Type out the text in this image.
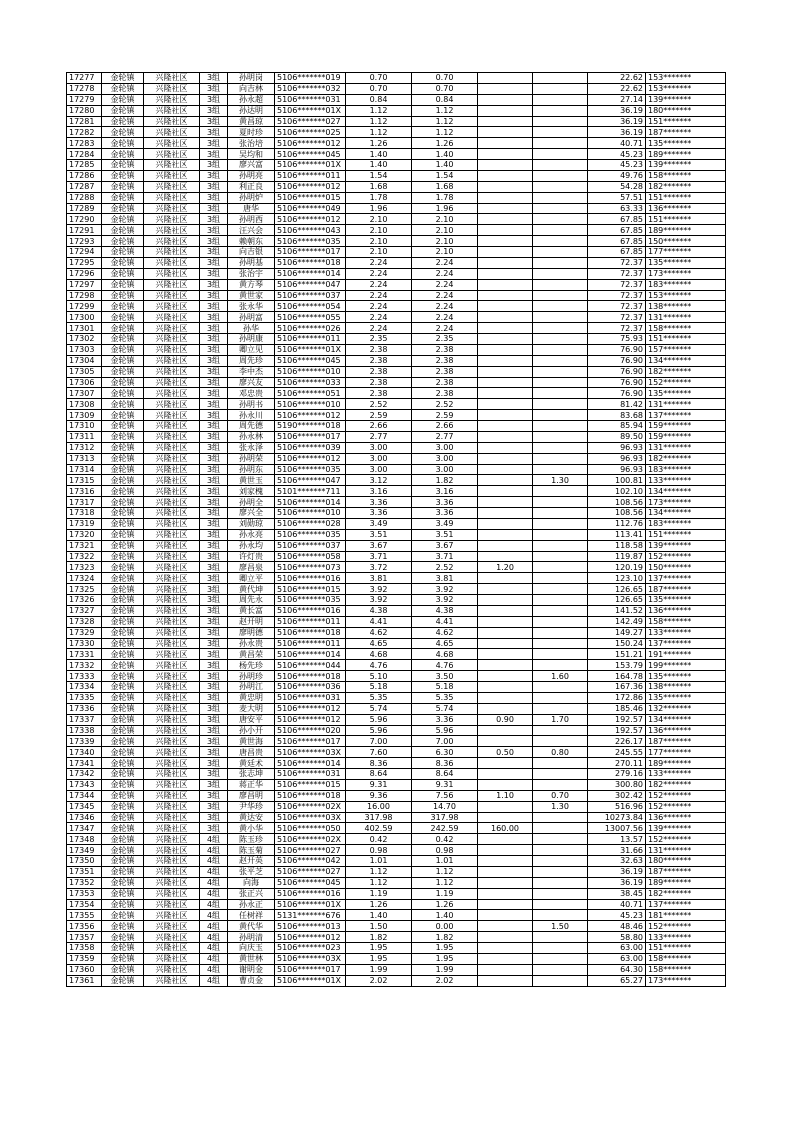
17277	金轮镇	兴隆社区	3组	孙明岗	5106*******019	0.70	0.70			22.62	153*******
17278	金轮镇	兴隆社区	3组	向吉林	5106*******032	0.70	0.70			22.62	153*******
17279	金轮镇	兴隆社区	3组	孙永超	5106*******031	0.84	0.84			27.14	139*******
17280	金轮镇	兴隆社区	3组	孙达明	5106*******01X	1.12	1.12			36.19	180*******
17281	金轮镇	兴隆社区	3组	黄昌琼	5106*******027	1.12	1.12			36.19	151*******
17282	金轮镇	兴隆社区	3组	夏时珍	5106*******025	1.12	1.12			36.19	187*******
17283	金轮镇	兴隆社区	3组	张治培	5106*******012	1.26	1.26			40.71	135*******
17284	金轮镇	兴隆社区	3组	吴均和	5106*******045	1.40	1.40			45.23	189*******
17285	金轮镇	兴隆社区	3组	廖兴富	5106*******01X	1.40	1.40			45.23	139*******
17286	金轮镇	兴隆社区	3组	孙明亮	5106*******011	1.54	1.54			49.76	158*******
17287	金轮镇	兴隆社区	3组	利正良	5106*******012	1.68	1.68			54.28	182*******
17288	金轮镇	兴隆社区	3组	孙明炉	5106*******015	1.78	1.78			57.51	151*******
17289	金轮镇	兴隆社区	3组	唐华	5106*******049	1.96	1.96			63.33	136*******
17290	金轮镇	兴隆社区	3组	孙明西	5106*******012	2.10	2.10			67.85	151*******
17291	金轮镇	兴隆社区	3组	汪兴会	5106*******043	2.10	2.10			67.85	189*******
17293	金轮镇	兴隆社区	3组	赖朝东	5106*******035	2.10	2.10			67.85	150*******
17294	金轮镇	兴隆社区	3组	向吉银	5106*******017	2.10	2.10			67.85	177*******
17295	金轮镇	兴隆社区	3组	孙明基	5106*******018	2.24	2.24			72.37	135*******
17296	金轮镇	兴隆社区	3组	张治宇	5106*******014	2.24	2.24			72.37	173*******
17297	金轮镇	兴隆社区	3组	黄方琴	5106*******047	2.24	2.24			72.37	183*******
17298	金轮镇	兴隆社区	3组	黄世家	5106*******037	2.24	2.24			72.37	153*******
17299	金轮镇	兴隆社区	3组	张永华	5106*******054	2.24	2.24			72.37	138*******
17300	金轮镇	兴隆社区	3组	孙明富	5106*******055	2.24	2.24			72.37	131*******
17301	金轮镇	兴隆社区	3组	孙华	5106*******026	2.24	2.24			72.37	158*******
17302	金轮镇	兴隆社区	3组	孙明康	5106*******011	2.35	2.35			75.93	151*******
17303	金轮镇	兴隆社区	3组	卿立见	5106*******01X	2.38	2.38			76.90	157*******
17304	金轮镇	兴隆社区	3组	周先珍	5106*******045	2.38	2.38			76.90	134*******
17305	金轮镇	兴隆社区	3组	李中杰	5106*******010	2.38	2.38			76.90	182*******
17306	金轮镇	兴隆社区	3组	廖兴友	5106*******033	2.38	2.38			76.90	152*******
17307	金轮镇	兴隆社区	3组	邓忠贵	5106*******051	2.38	2.38			76.90	135*******
17308	金轮镇	兴隆社区	3组	孙明书	5106*******010	2.52	2.52			81.42	131*******
17309	金轮镇	兴隆社区	3组	孙永川	5106*******012	2.59	2.59			83.68	137*******
17310	金轮镇	兴隆社区	3组	周先德	5190*******018	2.66	2.66			85.94	159*******
17311	金轮镇	兴隆社区	3组	孙永林	5106*******017	2.77	2.77			89.50	159*******
17312	金轮镇	兴隆社区	3组	张永泽	5106*******039	3.00	3.00			96.93	131*******
17313	金轮镇	兴隆社区	3组	孙明荣	5106*******012	3.00	3.00			96.93	182*******
17314	金轮镇	兴隆社区	3组	孙明东	5106*******035	3.00	3.00			96.93	183*******
17315	金轮镇	兴隆社区	3组	黄世玉	5106*******047	3.12	1.82		1.30	100.81	133*******
17316	金轮镇	兴隆社区	3组	刘家槐	5101*******711	3.16	3.16			102.10	134*******
17317	金轮镇	兴隆社区	3组	孙明全	5106*******014	3.36	3.36			108.56	173*******
17318	金轮镇	兴隆社区	3组	廖兴全	5106*******010	3.36	3.36			108.56	134*******
17319	金轮镇	兴隆社区	3组	刘勋琼	5106*******028	3.49	3.49			112.76	183*******
17320	金轮镇	兴隆社区	3组	孙永亮	5106*******035	3.51	3.51			113.41	151*******
17321	金轮镇	兴隆社区	3组	孙永均	5106*******037	3.67	3.67			118.58	139*******
17322	金轮镇	兴隆社区	3组	许灯贵	5106*******058	3.71	3.71			119.87	152*******
17323	金轮镇	兴隆社区	3组	廖昌泉	5106*******073	3.72	2.52	1.20		120.19	150*******
17324	金轮镇	兴隆社区	3组	卿立平	5106*******016	3.81	3.81			123.10	137*******
17325	金轮镇	兴隆社区	3组	黄代坤	5106*******015	3.92	3.92			126.65	187*******
17326	金轮镇	兴隆社区	3组	周先永	5106*******035	3.92	3.92			126.65	135*******
17327	金轮镇	兴隆社区	3组	黄长富	5106*******016	4.38	4.38			141.52	136*******
17328	金轮镇	兴隆社区	3组	赵开明	5106*******011	4.41	4.41			142.49	158*******
17329	金轮镇	兴隆社区	3组	廖明德	5106*******018	4.62	4.62			149.27	133*******
17330	金轮镇	兴隆社区	3组	孙永贵	5106*******011	4.65	4.65			150.24	137*******
17331	金轮镇	兴隆社区	3组	黄昌荣	5106*******014	4.68	4.68			151.21	191*******
17332	金轮镇	兴隆社区	3组	杨先珍	5106*******044	4.76	4.76			153.79	199*******
17333	金轮镇	兴隆社区	3组	孙明珍	5106*******018	5.10	3.50		1.60	164.78	135*******
17334	金轮镇	兴隆社区	3组	孙明江	5106*******036	5.18	5.18			167.36	138*******
17335	金轮镇	兴隆社区	3组	黄忠明	5106*******031	5.35	5.35			172.86	135*******
17336	金轮镇	兴隆社区	3组	麦大明	5106*******012	5.74	5.74			185.46	132*******
17337	金轮镇	兴隆社区	3组	唐安平	5106*******012	5.96	3.36	0.90	1.70	192.57	134*******
17338	金轮镇	兴隆社区	3组	孙小开	5106*******020	5.96	5.96			192.57	136*******
17339	金轮镇	兴隆社区	3组	黄世海	5106*******017	7.00	7.00			226.17	187*******
17340	金轮镇	兴隆社区	3组	唐昌贵	5106*******03X	7.60	6.30	0.50	0.80	245.55	177*******
17341	金轮镇	兴隆社区	3组	黄廷术	5106*******014	8.36	8.36			270.11	189*******
17342	金轮镇	兴隆社区	3组	张志坤	5106*******031	8.64	8.64			279.16	133*******
17343	金轮镇	兴隆社区	3组	蒋正华	5106*******015	9.31	9.31			300.80	182*******
17344	金轮镇	兴隆社区	3组	廖昌明	5106*******018	9.36	7.56	1.10	0.70	302.42	152*******
17345	金轮镇	兴隆社区	3组	尹华珍	5106*******02X	16.00	14.70		1.30	516.96	152*******
17346	金轮镇	兴隆社区	3组	黄达安	5106*******03X	317.98	317.98			10273.84	136*******
17347	金轮镇	兴隆社区	3组	黄小华	5106*******050	402.59	242.59	160.00		13007.56	139*******
17348	金轮镇	兴隆社区	4组	陈玉珍	5106*******02X	0.42	0.42			13.57	152*******
17349	金轮镇	兴隆社区	4组	陈玉菊	5106*******027	0.98	0.98			31.66	131*******
17350	金轮镇	兴隆社区	4组	赵开英	5106*******042	1.01	1.01			32.63	180*******
17351	金轮镇	兴隆社区	4组	张平芝	5106*******027	1.12	1.12			36.19	187*******
17352	金轮镇	兴隆社区	4组	向海	5106*******045	1.12	1.12			36.19	189*******
17353	金轮镇	兴隆社区	4组	张正兴	5106*******016	1.19	1.19			38.45	182*******
17354	金轮镇	兴隆社区	4组	孙永正	5106*******01X	1.26	1.26			40.71	137*******
17355	金轮镇	兴隆社区	4组	任树祥	5131*******676	1.40	1.40			45.23	181*******
17356	金轮镇	兴隆社区	4组	黄代华	5106*******013	1.50	0.00		1.50	48.46	152*******
17357	金轮镇	兴隆社区	4组	孙明清	5106*******012	1.82	1.82			58.80	133*******
17358	金轮镇	兴隆社区	4组	向庆玉	5106*******023	1.95	1.95			63.00	151*******
17359	金轮镇	兴隆社区	4组	黄世林	5106*******03X	1.95	1.95			63.00	158*******
17360	金轮镇	兴隆社区	4组	谢明金	5106*******017	1.99	1.99			64.30	158*******
17361	金轮镇	兴隆社区	4组	曹贞金	5106*******01X	2.02	2.02			65.27	173*******
